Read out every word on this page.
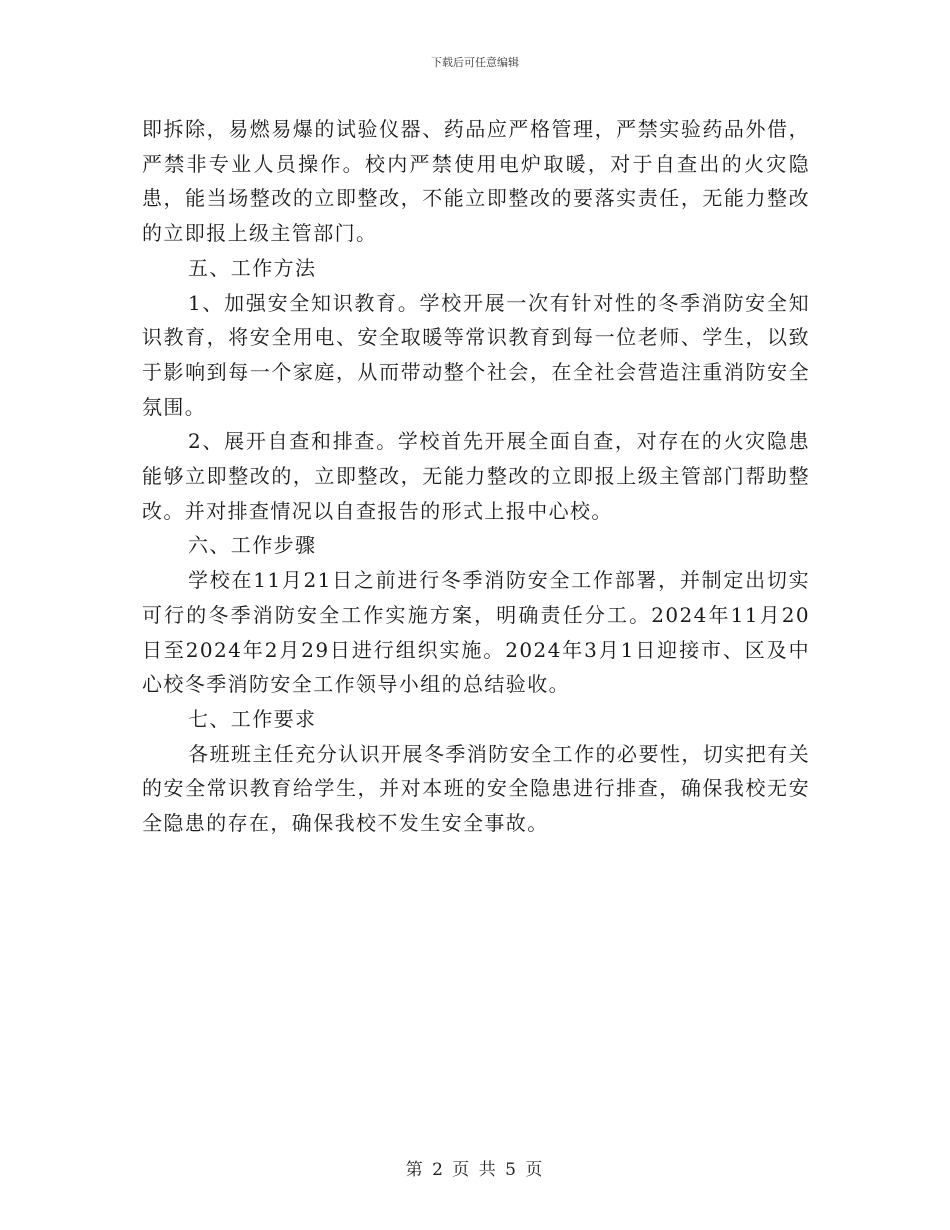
下载后可任意编辑

即拆除，易燃易爆的试验仪器、药品应严格管理，严禁实验药品外借，严禁非专业人员操作。校内严禁使用电炉取暖，对于自查出的火灾隐患，能当场整改的立即整改，不能立即整改的要落实责任，无能力整改的立即报上级主管部门。

五、工作方法

1、加强安全知识教育。学校开展一次有针对性的冬季消防安全知识教育，将安全用电、安全取暖等常识教育到每一位老师、学生，以致于影响到每一个家庭，从而带动整个社会，在全社会营造注重消防安全氛围。

2、展开自查和排查。学校首先开展全面自查，对存在的火灾隐患能够立即整改的，立即整改，无能力整改的立即报上级主管部门帮助整改。并对排查情况以自查报告的形式上报中心校。

六、工作步骤

学校在11月21日之前进行冬季消防安全工作部署，并制定出切实可行的冬季消防安全工作实施方案，明确责任分工。2024年11月20日至2024年2月29日进行组织实施。2024年3月1日迎接市、区及中心校冬季消防安全工作领导小组的总结验收。

七、工作要求

各班班主任充分认识开展冬季消防安全工作的必要性，切实把有关的安全常识教育给学生，并对本班的安全隐患进行排查，确保我校无安全隐患的存在，确保我校不发生安全事故。

第 2 页 共 5 页
